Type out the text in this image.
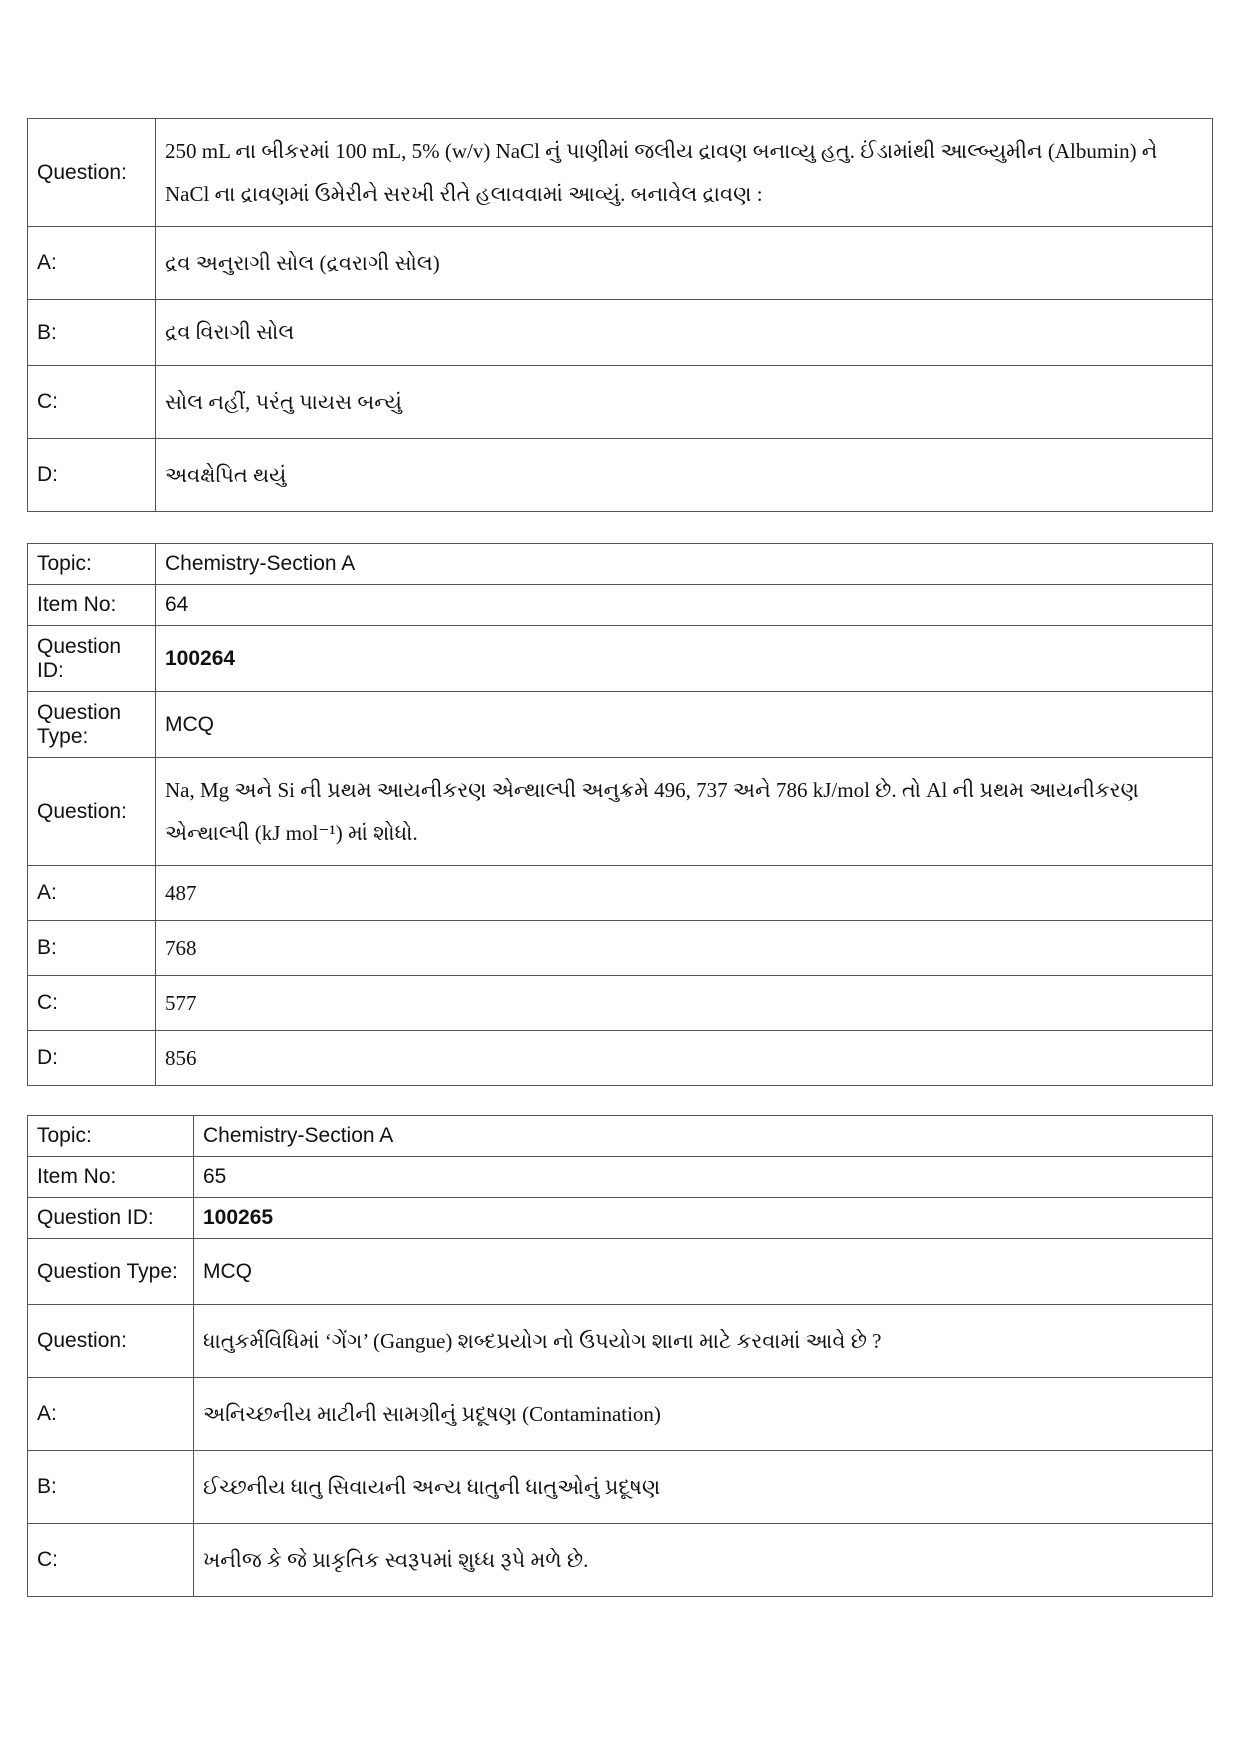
Question:	250 mL ના બીકરમાં 100 mL, 5% (w/v) NaCl નું પાણીમાં જલીય દ્રાવણ બનાવ્યુ હતુ. ઈંડામાંથી આલ્બ્યુમીન (Albumin) ને NaCl ના દ્રાવણમાં ઉમેરીને સરખી રીતે હલાવવામાં આવ્યું. બનાવેલ દ્રાવણ :
A:	દ્રવ અનુરાગી સોલ (દ્રવરાગી સોલ)
B:	દ્રવ વિરાગી સોલ
C:	સોલ નહીં, પરંતુ પાયસ બન્યું
D:	અવક્ષેપિત થયું
Topic:	Chemistry-Section A
Item No:	64
Question ID:	100264
Question Type:	MCQ
Question:	Na, Mg અને Si ની પ્રથમ આયનીકરણ એન્થાલ્પી અનુક્રમે 496, 737 અને 786 kJ/mol છે. તો Al ની પ્રથમ આયનીકરણ એન્થાલ્પી (kJ mol⁻¹) માં શોધો.
A:	487
B:	768
C:	577
D:	856
Topic:	Chemistry-Section A
Item No:	65
Question ID:	100265
Question Type:	MCQ
Question:	ધાતુકર્મવિધિમાં ‘ગેંગ’ (Gangue) શબ્દપ્રયોગ નો ઉપયોગ શાના માટે કરવામાં આવે છે ?
A:	અનિચ્છનીય માટીની સામગ્રીનું પ્રદૂષણ (Contamination)
B:	ઈચ્છનીય ધાતુ સિવાયની અન્ય ધાતુની ધાતુઓનું પ્રદૂષણ
C:	ખનીજ કે જે પ્રાકૃતિક સ્વરૂપમાં શુધ્ધ રૂપે મળે છે.
